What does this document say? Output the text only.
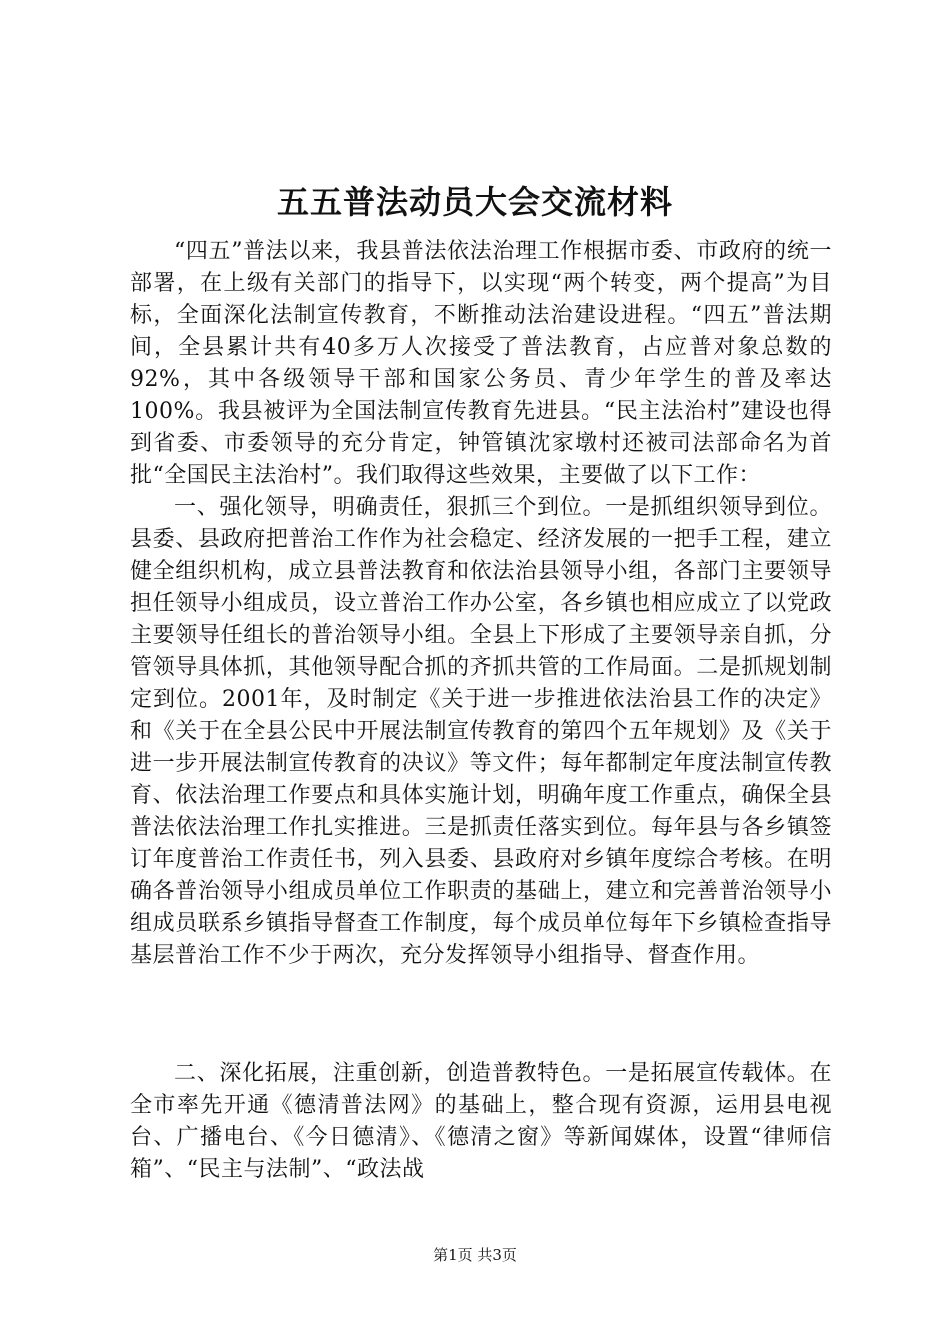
五五普法动员大会交流材料

“四五”普法以来，我县普法依法治理工作根据市委、市政府的统一部署，在上级有关部门的指导下，以实现“两个转变，两个提高”为目标，全面深化法制宣传教育，不断推动法治建设进程。“四五”普法期间，全县累计共有40多万人次接受了普法教育，占应普对象总数的92%，其中各级领导干部和国家公务员、青少年学生的普及率达100%。我县被评为全国法制宣传教育先进县。“民主法治村”建设也得到省委、市委领导的充分肯定，钟管镇沈家墩村还被司法部命名为首批“全国民主法治村”。我们取得这些效果，主要做了以下工作：

一、强化领导，明确责任，狠抓三个到位。一是抓组织领导到位。县委、县政府把普治工作作为社会稳定、经济发展的一把手工程，建立健全组织机构，成立县普法教育和依法治县领导小组，各部门主要领导担任领导小组成员，设立普治工作办公室，各乡镇也相应成立了以党政主要领导任组长的普治领导小组。全县上下形成了主要领导亲自抓，分管领导具体抓，其他领导配合抓的齐抓共管的工作局面。二是抓规划制定到位。2001年，及时制定《关于进一步推进依法治县工作的决定》和《关于在全县公民中开展法制宣传教育的第四个五年规划》及《关于进一步开展法制宣传教育的决议》等文件；每年都制定年度法制宣传教育、依法治理工作要点和具体实施计划，明确年度工作重点，确保全县普法依法治理工作扎实推进。三是抓责任落实到位。每年县与各乡镇签订年度普治工作责任书，列入县委、县政府对乡镇年度综合考核。在明确各普治领导小组成员单位工作职责的基础上，建立和完善普治领导小组成员联系乡镇指导督查工作制度，每个成员单位每年下乡镇检查指导基层普治工作不少于两次，充分发挥领导小组指导、督查作用。

二、深化拓展，注重创新，创造普教特色。一是拓展宣传载体。在全市率先开通《德清普法网》的基础上，整合现有资源，运用县电视台、广播电台、《今日德清》、《德清之窗》等新闻媒体，设置“律师信箱”、“民主与法制”、“政法战

第1页 共3页
